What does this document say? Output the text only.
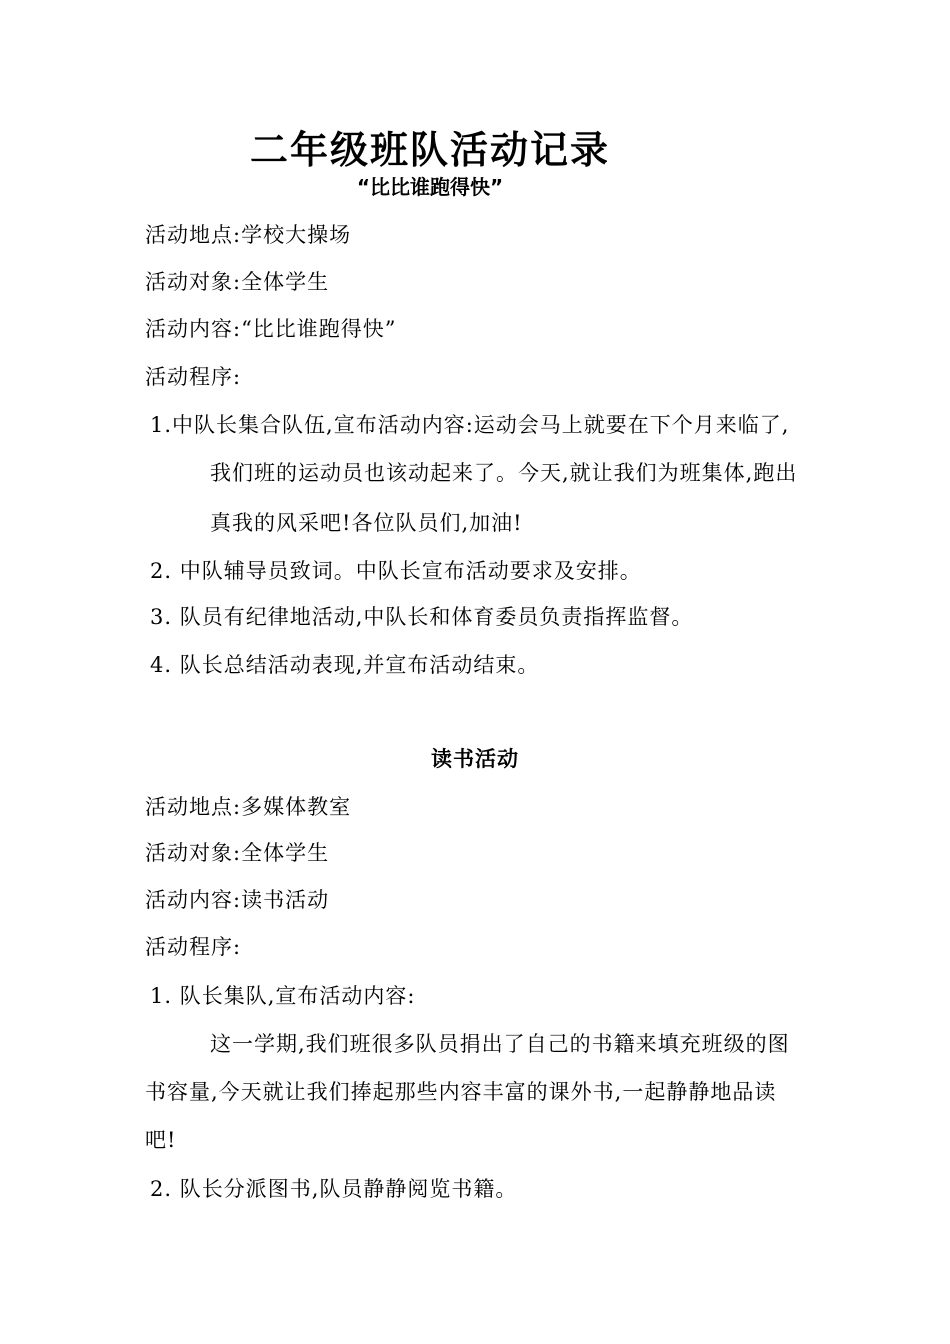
二年级班队活动记录
“比比谁跑得快”
活动地点:学校大操场
活动对象:全体学生
活动内容:“比比谁跑得快”
活动程序:
1.中队长集合队伍,宣布活动内容:运动会马上就要在下个月来临了,
我们班的运动员也该动起来了。今天,就让我们为班集体,跑出
真我的风采吧!各位队员们,加油!
2. 中队辅导员致词。中队长宣布活动要求及安排。
3. 队员有纪律地活动,中队长和体育委员负责指挥监督。
4. 队长总结活动表现,并宣布活动结束。
读书活动
活动地点:多媒体教室
活动对象:全体学生
活动内容:读书活动
活动程序:
1. 队长集队,宣布活动内容:
这一学期,我们班很多队员捐出了自己的书籍来填充班级的图
书容量,今天就让我们捧起那些内容丰富的课外书,一起静静地品读
吧!
2. 队长分派图书,队员静静阅览书籍。
